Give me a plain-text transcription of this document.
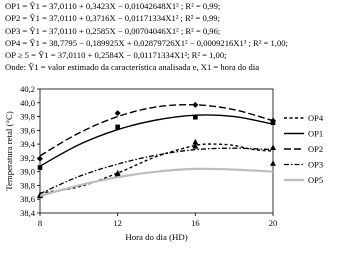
OP1 = Ŷ1 = 37,0110 + 0,3423X − 0,01042648X1² ; R² = 0,99;
OP2 = Ŷ1 = 37,0110 + 0,3716X − 0,01171334X1² ; R² = 0,99;
OP3 = Ŷ1 = 37,0110 + 0,2585X − 0,00704046X1² ; R² = 0,96;
OP4 = Ŷ1 = 38,7795 − 0,189925X + 0,02879726X1² − 0,0009216X1³ ; R² = 1,00;
OP ≥ 5 = Ŷ1 = 37,0110 + 0,2584X − 0,01171334X1²; R² = 1,00;
Onde: Ŷ1 = valor estimado da característica analisada e, X1 = hora do dia
38,4
38,6
38,8
39,0
39,2
39,4
39,6
39,8
40,0
40,2
8	12	16	20
Hora do dia (HD)
Temperatura retal (°C)	OP4
OP1
OP2
OP3
OP5
